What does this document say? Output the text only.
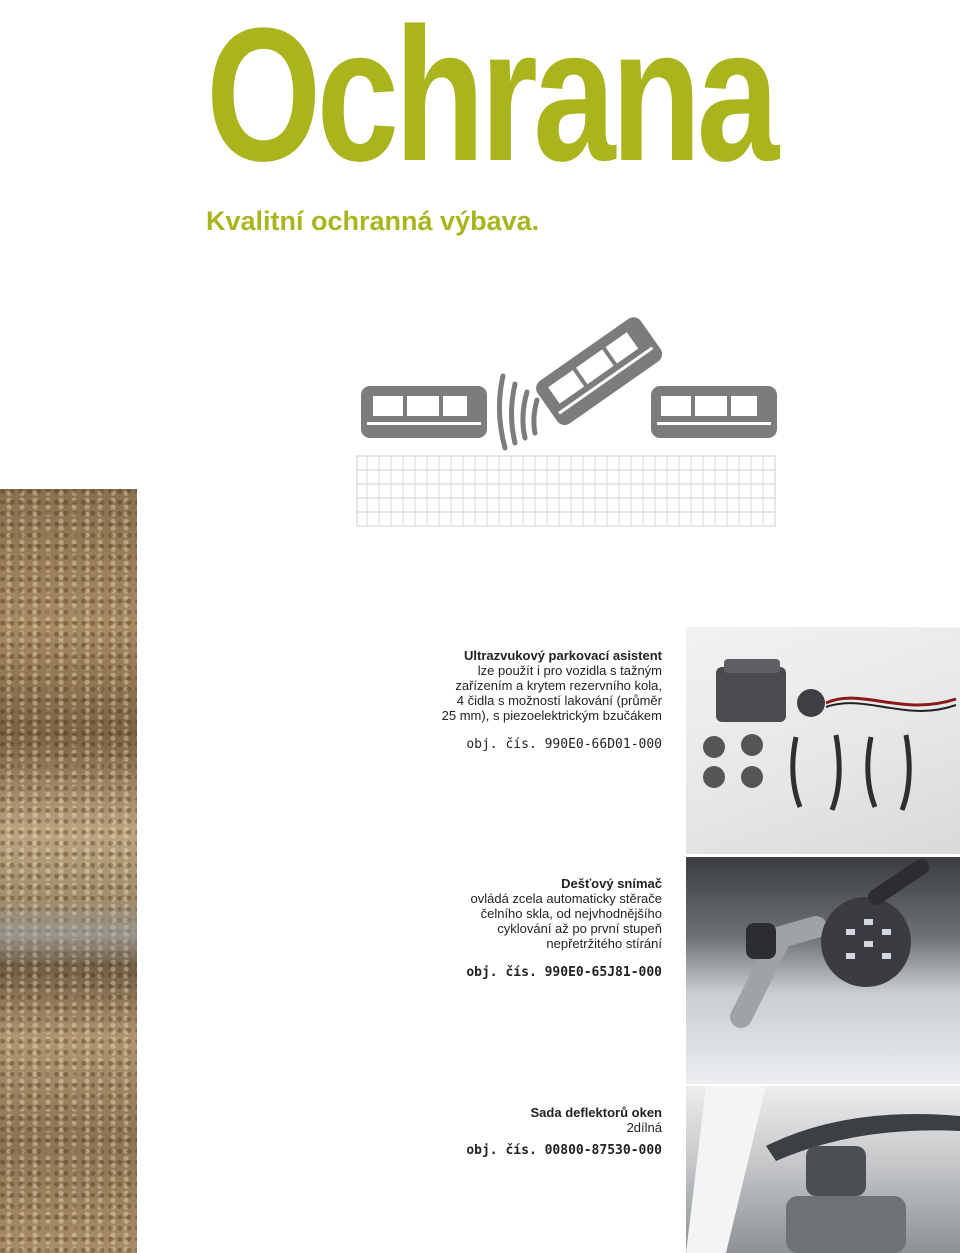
Ochrana
Kvalitní ochranná výbava.
Ultrazvukový parkovací asistent
lze použít i pro vozidla s tažným
zařízením a krytem rezervního kola,
4 čidla s možností lakování (průměr
25 mm), s piezoelektrickým bzučákem
obj. čís. 990E0-66D01-000
Dešťový snímač
ovládá zcela automaticky stěrače
čelního skla, od nejvhodnějšího
cyklování až po první stupeň
nepřetržitého stírání
obj. čís. 990E0-65J81-000
Sada deflektorů oken
2dílná
obj. čís. 00800-87530-000
